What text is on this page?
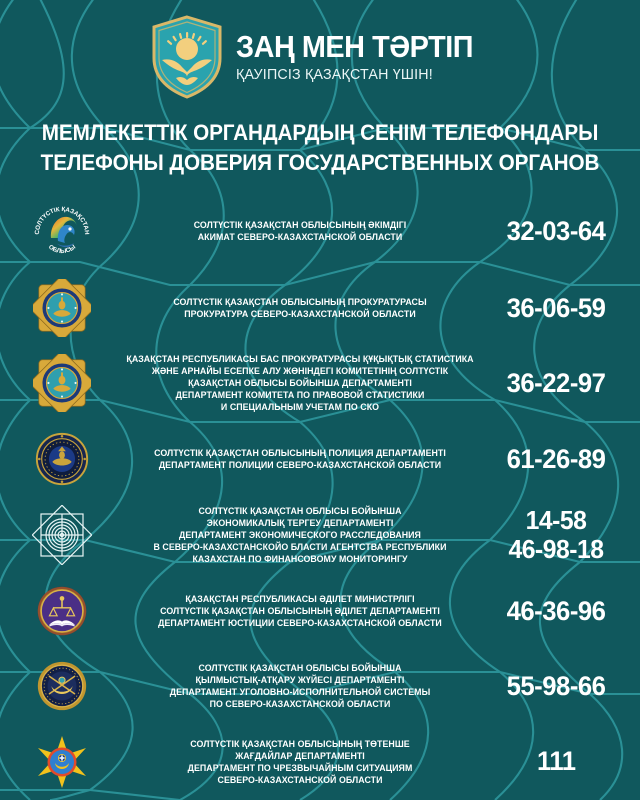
ЗАҢ МЕН ТӘРТІП
ҚАУІПСІЗ ҚАЗАҚСТАН ҮШІН!
МЕМЛЕКЕТТІК ОРГАНДАРДЫҢ СЕНІМ ТЕЛЕФОНДАРЫ
ТЕЛЕФОНЫ ДОВЕРИЯ ГОСУДАРСТВЕННЫХ ОРГАНОВ
СОЛТҮСТІК ҚАЗАҚСТАН
ОБЛЫСЫ
СОЛТҮСТІК ҚАЗАҚСТАН ОБЛЫСЫНЫҢ ӘКІМДІГІ
АКИМАТ СЕВЕРО-КАЗАХСТАНСКОЙ ОБЛАСТИ	32-03-64
СОЛТҮСТІК ҚАЗАҚСТАН ОБЛЫСЫНЫҢ ПРОКУРАТУРАСЫ
ПРОКУРАТУРА СЕВЕРО-КАЗАХСТАНСКОЙ ОБЛАСТИ	36-06-59
ҚАЗАҚСТАН РЕСПУБЛИКАСЫ БАС ПРОКУРАТУРАСЫ ҚҰҚЫҚТЫҚ СТАТИСТИКА
ЖӘНЕ АРНАЙЫ ЕСЕПКЕ АЛУ ЖӨНІНДЕГІ КОМИТЕТІНІҢ СОЛТҮСТІК
ҚАЗАҚСТАН ОБЛЫСЫ БОЙЫНША ДЕПАРТАМЕНТІ
ДЕПАРТАМЕНТ КОМИТЕТА ПО ПРАВОВОЙ СТАТИСТИКИ
И СПЕЦИАЛЬНЫМ УЧЕТАМ ПО СКО
36-22-97
СОЛТҮСТІК ҚАЗАҚСТАН ОБЛЫСЫНЫҢ ПОЛИЦИЯ ДЕПАРТАМЕНТІ
ДЕПАРТАМЕНТ ПОЛИЦИИ СЕВЕРО-КАЗАХСТАНСКОЙ ОБЛАСТИ	61-26-89
СОЛТҮСТІК ҚАЗАҚСТАН ОБЛЫСЫ БОЙЫНША
ЭКОНОМИКАЛЫҚ ТЕРГЕУ ДЕПАРТАМЕНТІ
ДЕПАРТАМЕНТ ЭКОНОМИЧЕСКОГО РАССЛЕДОВАНИЯ
В СЕВЕРО-КАЗАХСТАНСКОЙО БЛАСТИ АГЕНТСТВА РЕСПУБЛИКИ
КАЗАХСТАН ПО ФИНАНСОВОМУ МОНИТОРИНГУ
14-58
46-98-18
ҚАЗАҚСТАН РЕСПУБЛИКАСЫ ӘДІЛЕТ МИНИСТРЛІГІ
СОЛТҮСТІК ҚАЗАҚСТАН ОБЛЫСЫНЫҢ ӘДІЛЕТ ДЕПАРТАМЕНТІ
ДЕПАРТАМЕНТ ЮСТИЦИИ СЕВЕРО-КАЗАХСТАНСКОЙ ОБЛАСТИ	46-36-96
СОЛТҮСТІК ҚАЗАҚСТАН ОБЛЫСЫ БОЙЫНША
ҚЫЛМЫСТЫҚ-АТҚАРУ ЖҮЙЕСІ ДЕПАРТАМЕНТІ
ДЕПАРТАМЕНТ УГОЛОВНО-ИСПОЛНИТЕЛЬНОЙ СИСТЕМЫ
ПО СЕВЕРО-КАЗАХСТАНСКОЙ ОБЛАСТИ
55-98-66
СОЛТҮСТІК ҚАЗАҚСТАН ОБЛЫСЫНЫҢ ТӨТЕНШЕ
ЖАҒДАЙЛАР ДЕПАРТАМЕНТІ
ДЕПАРТАМЕНТ ПО ЧРЕЗВЫЧАЙНЫМ СИТУАЦИЯМ
СЕВЕРО-КАЗАХСТАНСКОЙ ОБЛАСТИ
111
